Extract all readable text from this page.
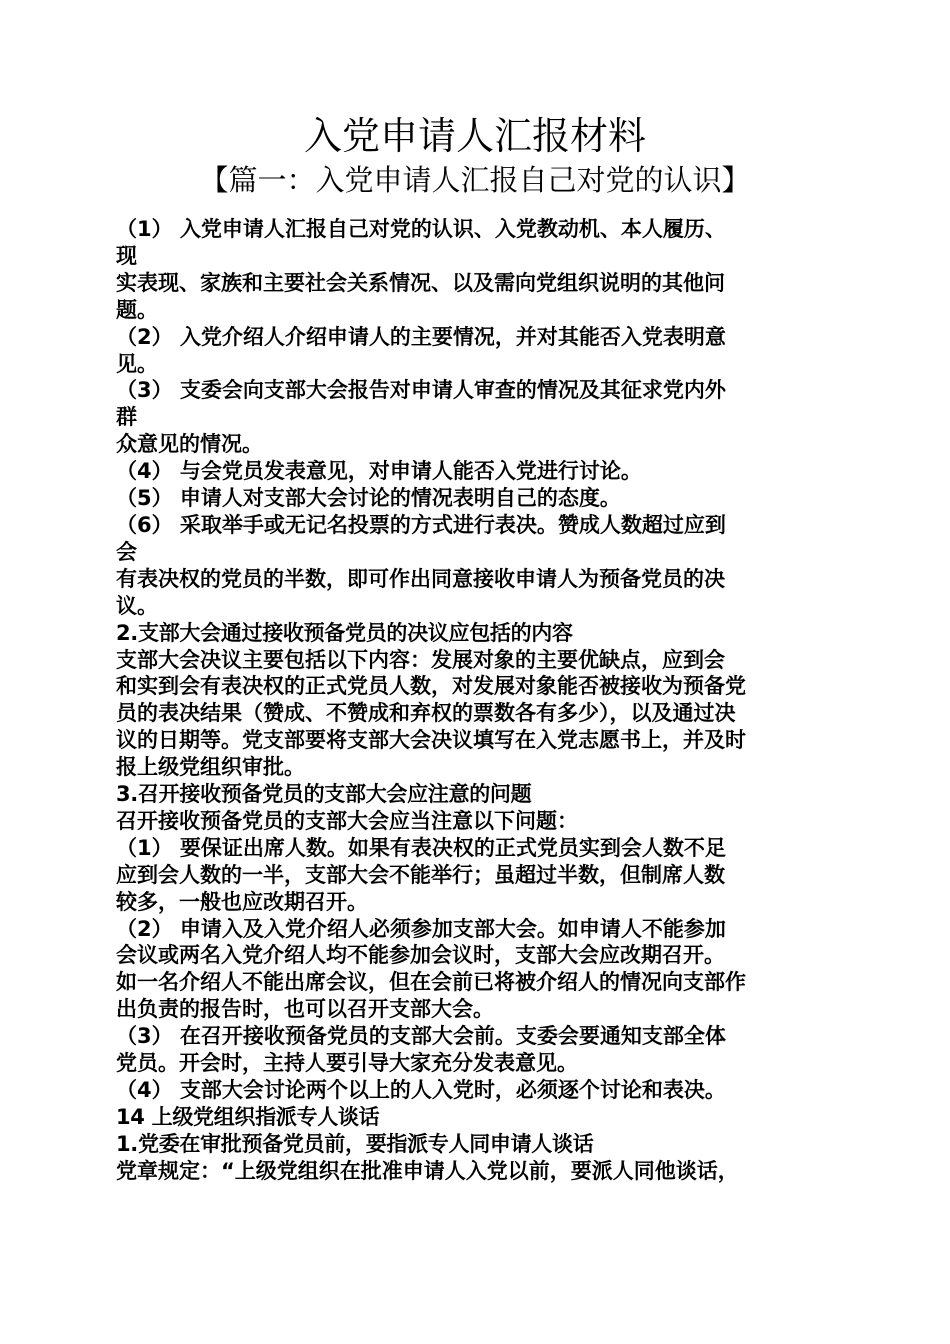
入党申请人汇报材料
【篇一：入党申请人汇报自己对党的认识】

（1） 入党申请人汇报自己对党的认识、入党教动机、本人履历、

现

实表现、家族和主要社会关系情况、以及需向党组织说明的其他问

题。

（2） 入党介绍人介绍申请人的主要情况，并对其能否入党表明意

见。

（3） 支委会向支部大会报告对申请人审查的情况及其征求党内外

群

众意见的情况。

（4） 与会党员发表意见，对申请人能否入党进行讨论。

（5） 申请人对支部大会讨论的情况表明自己的态度。

（6） 采取举手或无记名投票的方式进行表决。赞成人数超过应到

会

有表决权的党员的半数，即可作出同意接收申请人为预备党员的决

议。

2.支部大会通过接收预备党员的决议应包括的内容

支部大会决议主要包括以下内容：发展对象的主要优缺点，应到会

和实到会有表决权的正式党员人数，对发展对象能否被接收为预备党

员的表决结果（赞成、不赞成和弃权的票数各有多少），以及通过决

议的日期等。党支部要将支部大会决议填写在入党志愿书上，并及时

报上级党组织审批。

3.召开接收预备党员的支部大会应注意的问题

召开接收预备党员的支部大会应当注意以下问题：

（1） 要保证出席人数。如果有表决权的正式党员实到会人数不足

应到会人数的一半，支部大会不能举行；虽超过半数，但制席人数

较多，一般也应改期召开。

（2） 申请入及入党介绍人必须参加支部大会。如申请人不能参加

会议或两名入党介绍人均不能参加会议时，支部大会应改期召开。

如一名介绍人不能出席会议，但在会前已将被介绍人的情况向支部作

出负责的报告时，也可以召开支部大会。

（3） 在召开接收预备党员的支部大会前。支委会要通知支部全体

党员。开会时，主持人要引导大家充分发表意见。

（4） 支部大会讨论两个以上的人入党时，必须逐个讨论和表决。

14 上级党组织指派专人谈话

1.党委在审批预备党员前，要指派专人同申请人谈话

党章规定：“上级党组织在批准申请人入党以前，要派人同他谈话，
